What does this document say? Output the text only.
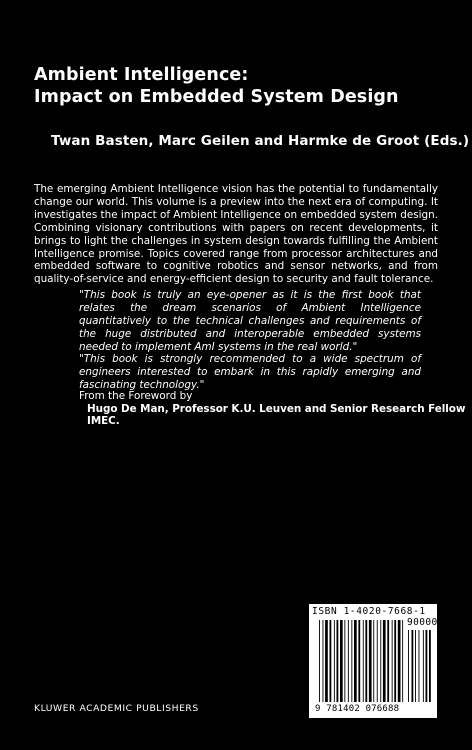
Ambient Intelligence:
Impact on Embedded System Design
Twan Basten, Marc Geilen and Harmke de Groot (Eds.)
The emerging Ambient Intelligence vision has the potential to fundamentally change our world. This volume is a preview into the next era of computing. It investigates the impact of Ambient Intelligence on embedded system design. Combining visionary contributions with papers on recent developments, it brings to light the challenges in system design towards fulfilling the Ambient Intelligence promise. Topics covered range from processor architectures and embedded software to cognitive robotics and sensor networks, and from quality-of-service and energy-efficient design to security and fault tolerance.
"This book is truly an eye-opener as it is the first book that relates the dream scenarios of Ambient Intelligence quantitatively to the technical challenges and requirements of the huge distributed and interoperable embedded systems needed to implement AmI systems in the real world."
"This book is strongly recommended to a wide spectrum of engineers interested to embark in this rapidly emerging and fascinating technology."
From the Foreword by
Hugo De Man, Professor K.U. Leuven and Senior Research Fellow IMEC.
ISBN 1-4020-7668-1
90000
9 781402 076688
KLUWER ACADEMIC PUBLISHERS
